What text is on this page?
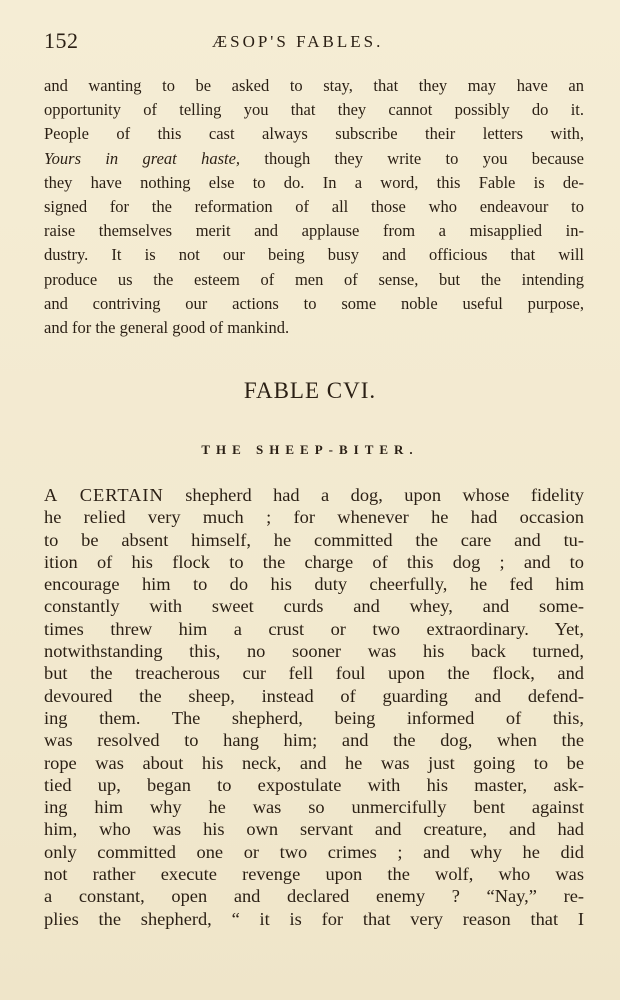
152	ÆSOP'S FABLES.
and wanting to be asked to stay, that they may have an
opportunity of telling you that they cannot possibly do it.
People of this cast always subscribe their letters with,
Yours in great haste, though they write to you because
they have nothing else to do. In a word, this Fable is de-
signed for the reformation of all those who endeavour to
raise themselves merit and applause from a misapplied in-
dustry. It is not our being busy and officious that will
produce us the esteem of men of sense, but the intending
and contriving our actions to some noble useful purpose,
and for the general good of mankind.
FABLE CVI.
THE SHEEP-BITER.
A CERTAIN shepherd had a dog, upon whose fidelity
he relied very much ; for whenever he had occasion
to be absent himself, he committed the care and tu-
ition of his flock to the charge of this dog ; and to
encourage him to do his duty cheerfully, he fed him
constantly with sweet curds and whey, and some-
times threw him a crust or two extraordinary. Yet,
notwithstanding this, no sooner was his back turned,
but the treacherous cur fell foul upon the flock, and
devoured the sheep, instead of guarding and defend-
ing them. The shepherd, being informed of this,
was resolved to hang him; and the dog, when the
rope was about his neck, and he was just going to be
tied up, began to expostulate with his master, ask-
ing him why he was so unmercifully bent against
him, who was his own servant and creature, and had
only committed one or two crimes ; and why he did
not rather execute revenge upon the wolf, who was
a constant, open and declared enemy ? “Nay,” re-
plies the shepherd, “ it is for that very reason that I
